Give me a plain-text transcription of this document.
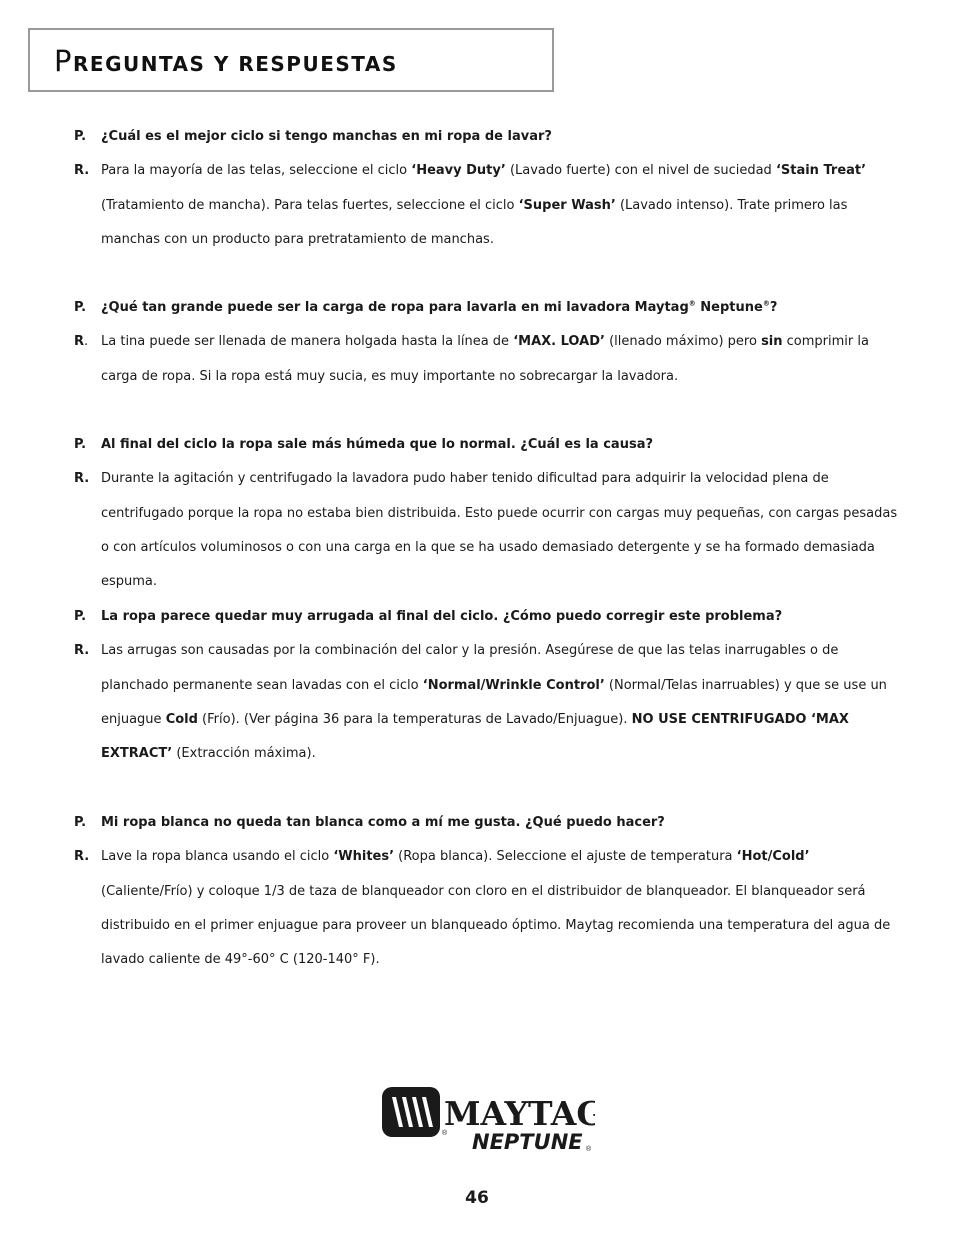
PREGUNTAS Y RESPUESTAS
P.	¿Cuál es el mejor ciclo si tengo manchas en mi ropa de lavar?
R. Para la mayoría de las telas, seleccione el ciclo ‘Heavy Duty’ (Lavado fuerte) con el nivel de suciedad ‘Stain Treat’ (Tratamiento de mancha). Para telas fuertes, seleccione el ciclo ‘Super Wash’ (Lavado intenso). Trate primero las manchas con un producto para pretratamiento de manchas.
P.	¿Qué tan grande puede ser la carga de ropa para lavarla en mi lavadora Maytag® Neptune®?
R. La tina puede ser llenada de manera holgada hasta la línea de ‘MAX. LOAD’ (llenado máximo) pero sin comprimir la carga de ropa. Si la ropa está muy sucia, es muy importante no sobrecargar la lavadora.
P.	Al final del ciclo la ropa sale más húmeda que lo normal. ¿Cuál es la causa?
R. Durante la agitación y centrifugado la lavadora pudo haber tenido dificultad para adquirir la velocidad plena de centrifugado porque la ropa no estaba bien distribuida. Esto puede ocurrir con cargas muy pequeñas, con cargas pesadas o con artículos voluminosos o con una carga en la que se ha usado demasiado detergente y se ha formado demasiada espuma.
P.	La ropa parece quedar muy arrugada al final del ciclo. ¿Cómo puedo corregir este problema?
R. Las arrugas son causadas por la combinación del calor y la presión. Asegúrese de que las telas inarrugables o de planchado permanente sean lavadas con el ciclo ‘Normal/Wrinkle Control’ (Normal/Telas inarruables) y que se use un enjuague Cold (Frío). (Ver página 36 para la temperaturas de Lavado/Enjuague). NO USE CENTRIFUGADO ‘MAX EXTRACT’ (Extracción máxima).
P.	Mi ropa blanca no queda tan blanca como a mí me gusta. ¿Qué puedo hacer?
R. Lave la ropa blanca usando el ciclo ‘Whites’ (Ropa blanca). Seleccione el ajuste de temperatura ‘Hot/Cold’ (Caliente/Frío) y coloque 1/3 de taza de blanqueador con cloro en el distribuidor de blanqueador. El blanqueador será distribuido en el primer enjuague para proveer un blanqueado óptimo. Maytag recomienda una temperatura del agua de lavado caliente de 49°-60° C (120-140° F).
®
MAYTAG
NEPTUNE ®
46
